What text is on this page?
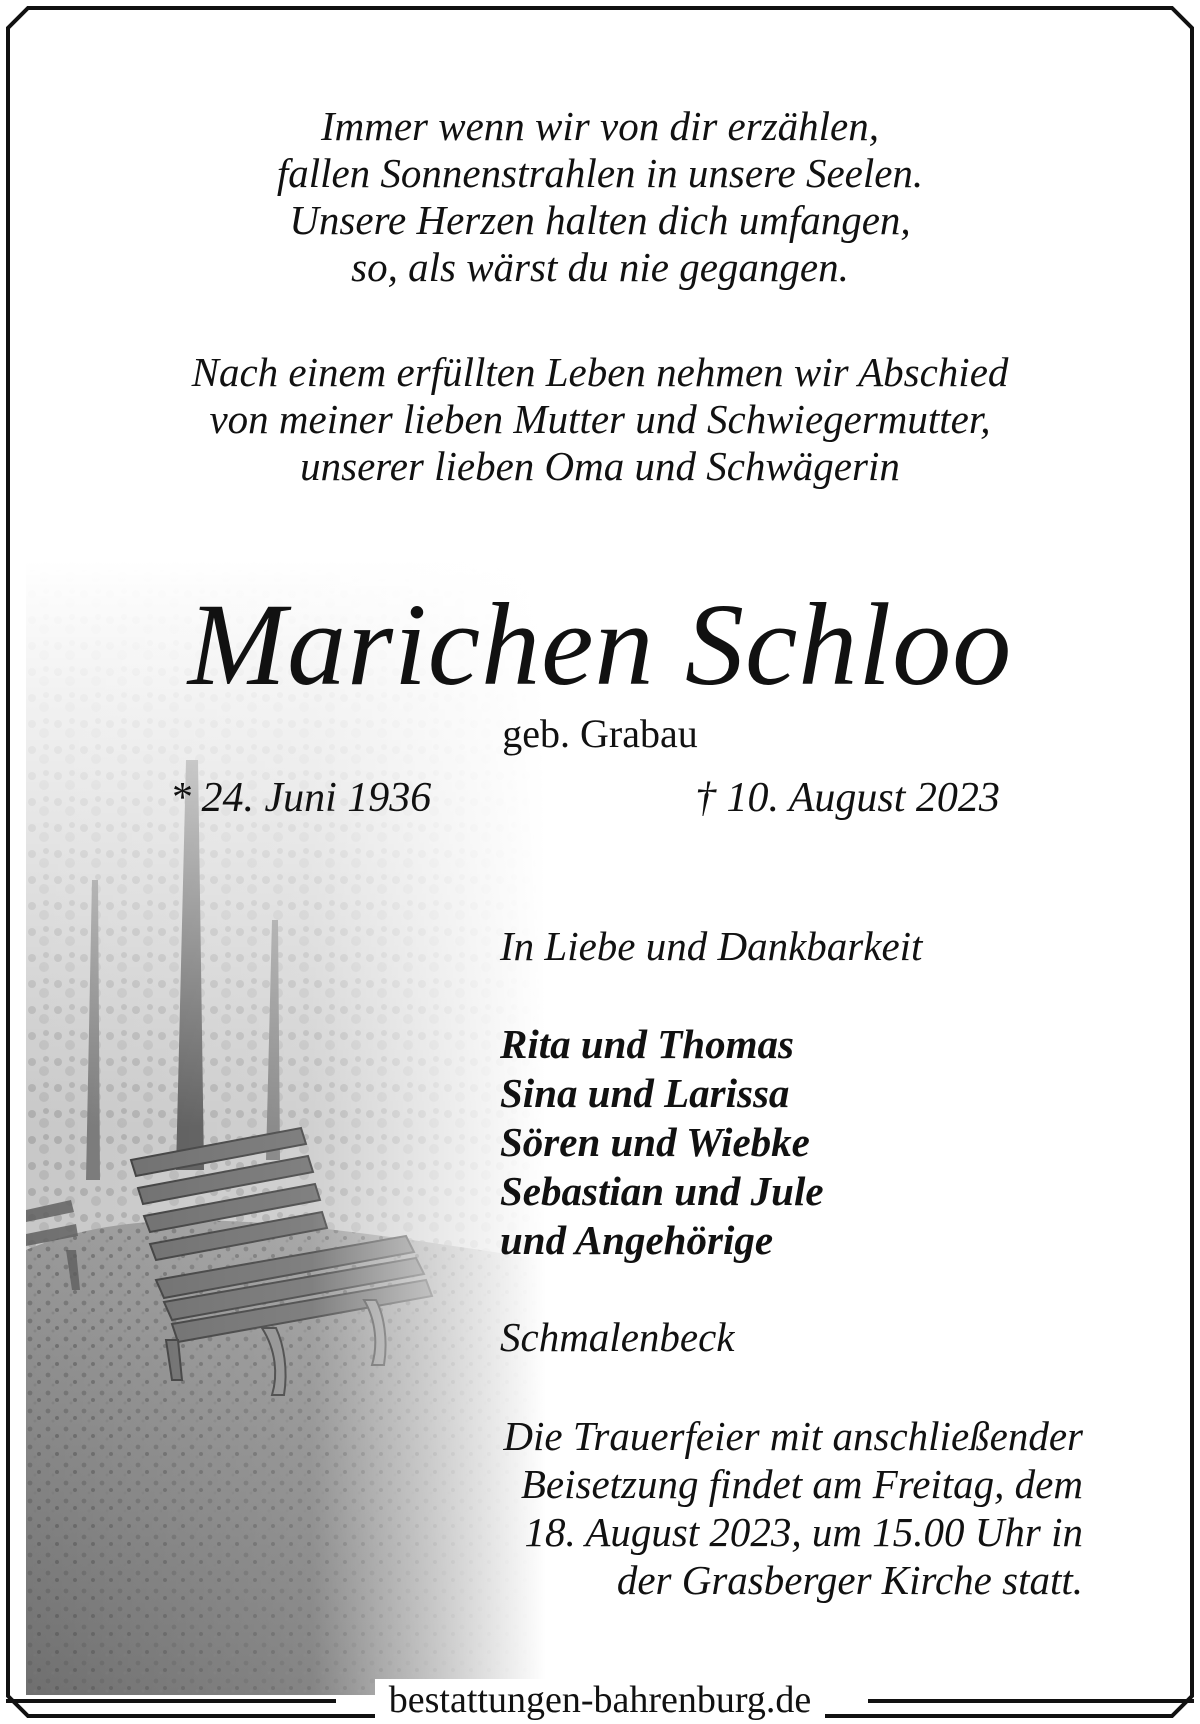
Immer wenn wir von dir erzählen,
fallen Sonnenstrahlen in unsere Seelen.
Unsere Herzen halten dich umfangen,
so, als wärst du nie gegangen.
Nach einem erfüllten Leben nehmen wir Abschied
von meiner lieben Mutter und Schwiegermutter,
unserer lieben Oma und Schwägerin
Marichen Schloo
geb. Grabau
* 24. Juni 1936	† 10. August 2023
In Liebe und Dankbarkeit
Rita und Thomas
Sina und Larissa
Sören und Wiebke
Sebastian und Jule
und Angehörige
Schmalenbeck
Die Trauerfeier mit anschließender
Beisetzung findet am Freitag, dem
18. August 2023, um 15.00 Uhr in
der Grasberger Kirche statt.
bestattungen-bahrenburg.de
